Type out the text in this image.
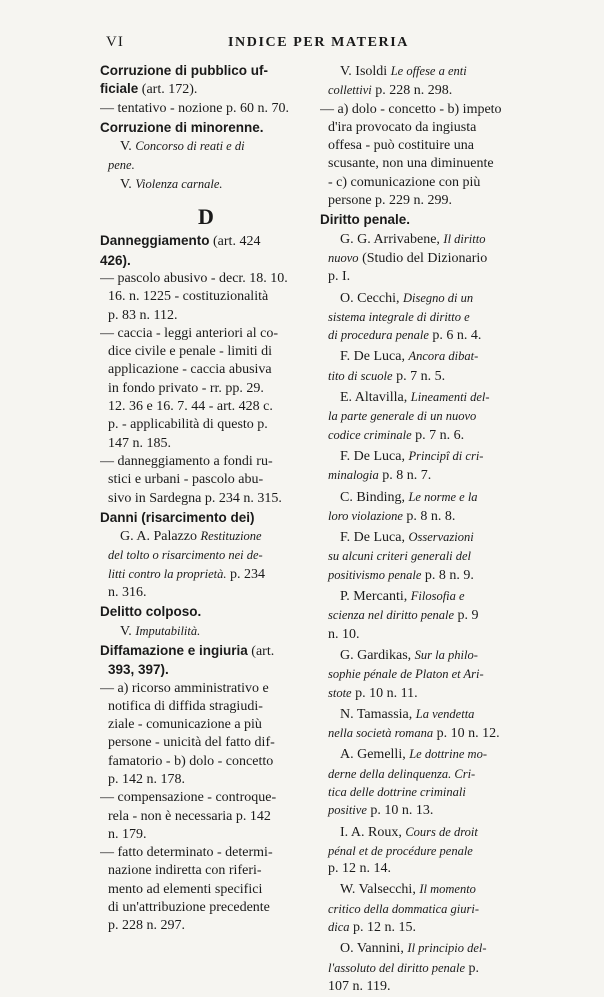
VI	INDICE PER MATERIA
Corruzione di pubblico uf-
ficiale (art. 172).
— tentativo - nozione p. 60 n. 70.
Corruzione di minorenne.
V. Concorso di reati e di
pene.
V. Violenza carnale.
D
Danneggiamento (art. 424
426).
— pascolo abusivo - decr. 18. 10.
16. n. 1225 - costituzionalità
p. 83 n. 112.
— caccia - leggi anteriori al co-
dice civile e penale - limiti di
applicazione - caccia abusiva
in fondo privato - rr. pp. 29.
12. 36 e 16. 7. 44 - art. 428 c.
p. - applicabilità di questo p.
147 n. 185.
— danneggiamento a fondi ru-
stici e urbani - pascolo abu-
sivo in Sardegna p. 234 n. 315.
Danni (risarcimento dei)
G. A. Palazzo Restituzione
del tolto o risarcimento nei de-
litti contro la proprietà. p. 234
n. 316.
Delitto colposo.
V. Imputabilità.
Diffamazione e ingiuria (art.
393, 397).
— a) ricorso amministrativo e
notifica di diffida stragiudi-
ziale - comunicazione a più
persone - unicità del fatto dif-
famatorio - b) dolo - concetto
p. 142 n. 178.
— compensazione - controque-
rela - non è necessaria p. 142
n. 179.
— fatto determinato - determi-
nazione indiretta con riferi-
mento ad elementi specifici
di un'attribuzione precedente
p. 228 n. 297.
V. Isoldi Le offese a enti
collettivi p. 228 n. 298.
— a) dolo - concetto - b) impeto
d'ira provocato da ingiusta
offesa - può costituire una
scusante, non una diminuente
- c) comunicazione con più
persone p. 229 n. 299.
Diritto penale.
G. G. Arrivabene, Il diritto
nuovo (Studio del Dizionario
p. I.
O. Cecchi, Disegno di un
sistema integrale di diritto e
di procedura penale p. 6 n. 4.
F. De Luca, Ancora dibat-
tito di scuole p. 7 n. 5.
E. Altavilla, Lineamenti del-
la parte generale di un nuovo
codice criminale p. 7 n. 6.
F. De Luca, Principî di cri-
minalogia p. 8 n. 7.
C. Binding, Le norme e la
loro violazione p. 8 n. 8.
F. De Luca, Osservazioni
su alcuni criteri generali del
positivismo penale p. 8 n. 9.
P. Mercanti, Filosofia e
scienza nel diritto penale p. 9
n. 10.
G. Gardikas, Sur la philo-
sophie pénale de Platon et Ari-
stote p. 10 n. 11.
N. Tamassia, La vendetta
nella società romana p. 10 n. 12.
A. Gemelli, Le dottrine mo-
derne della delinquenza. Cri-
tica delle dottrine criminali
positive p. 10 n. 13.
I. A. Roux, Cours de droit
pénal et de procédure penale
p. 12 n. 14.
W. Valsecchi, Il momento
critico della dommatica giuri-
dica p. 12 n. 15.
O. Vannini, Il principio del-
l'assoluto del diritto penale p.
107 n. 119.
